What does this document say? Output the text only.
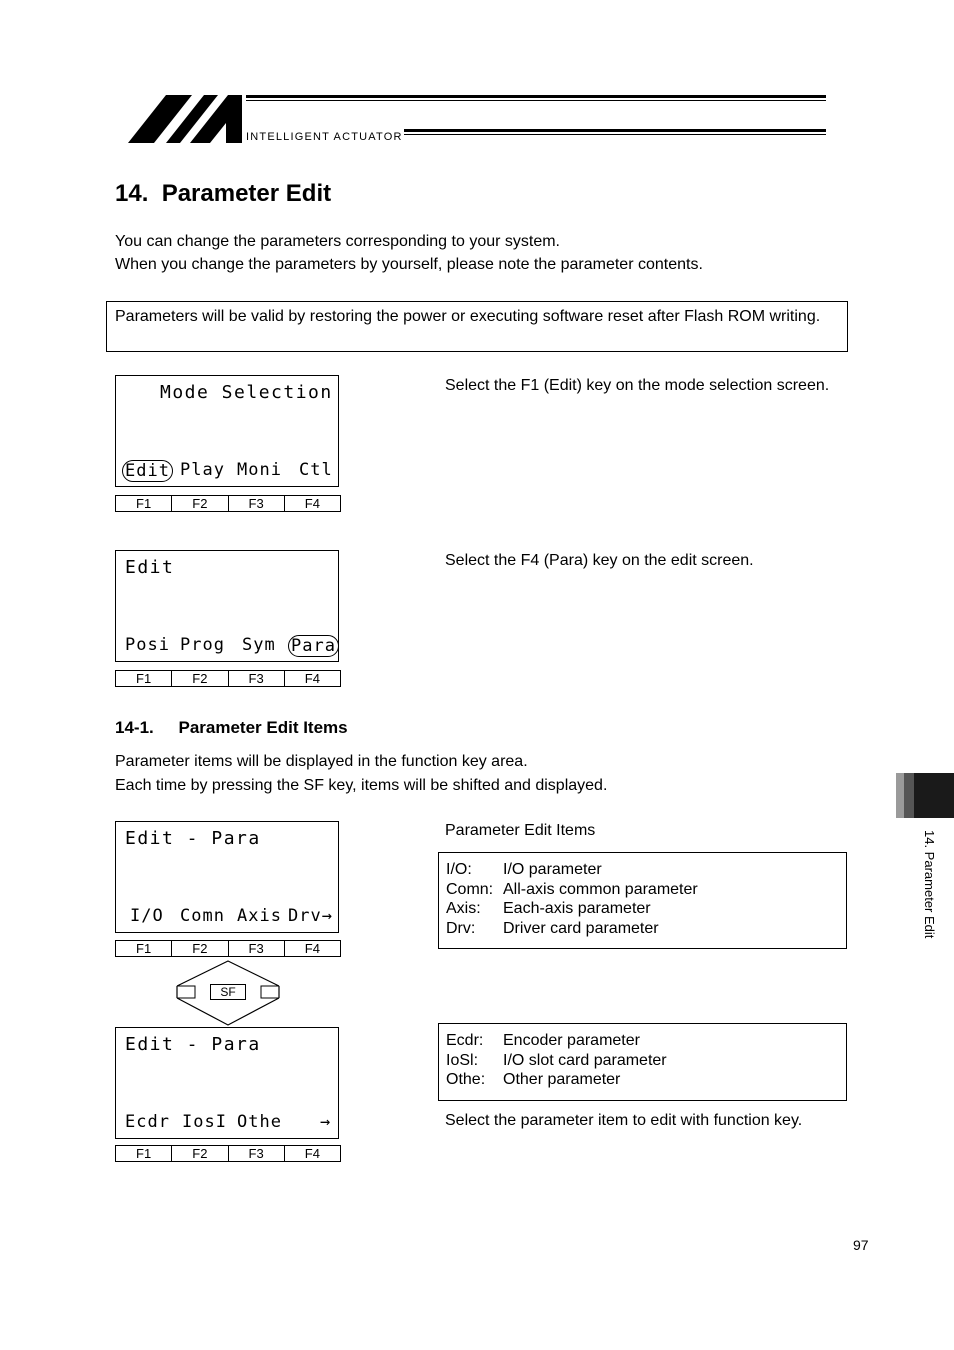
INTELLIGENT ACTUATOR
14.  Parameter Edit
You can change the parameters corresponding to your system.
When you change the parameters by yourself, please note the parameter contents.
Parameters will be valid by restoring the power or executing software reset after Flash ROM writing.
Mode Selection

Edit

Play

Moni

Ctl

F1	F2	F3	F4
Select the F1 (Edit) key on the mode selection screen.
Edit

Posi

Prog

Sym

Para

F1	F2	F3	F4
Select the F4 (Para) key on the edit screen.
14-1. Parameter Edit Items
Parameter items will be displayed in the function key area.
Each time by pressing the SF key, items will be shifted and displayed.
Edit - Para

I/O

Comn

Axis

Drv→

F1	F2	F3	F4
SF
Edit - Para

Ecdr

IosI

Othe

→

F1	F2	F3	F4
Parameter Edit Items
I/O:	I/O parameter
Comn: All-axis common parameter
Axis:	Each-axis parameter
Drv:	Driver card parameter
Ecdr:	Encoder parameter
IoSl:	I/O slot card parameter
Othe:	Other parameter
Select the parameter item to edit with function key.
14. Parameter Edit
97
